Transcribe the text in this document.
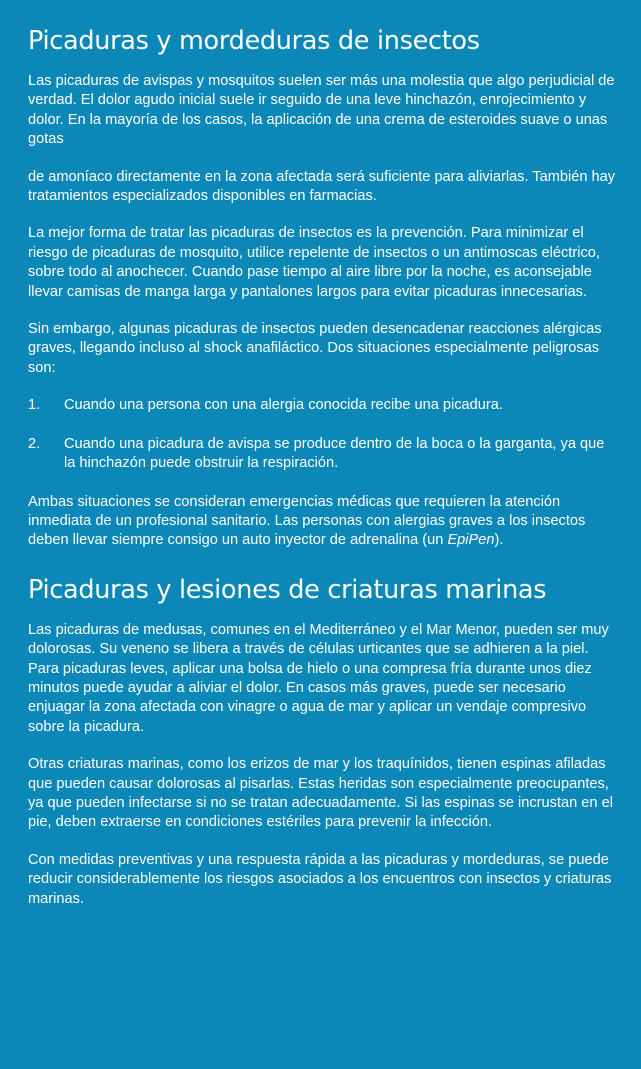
Picaduras y mordeduras de insectos

Las picaduras de avispas y mosquitos suelen ser más una molestia que algo perjudicial de verdad. El dolor agudo inicial suele ir seguido de una leve hinchazón, enrojecimiento y dolor. En la mayoría de los casos, la aplicación de una crema de esteroides suave o unas gotas

de amoníaco directamente en la zona afectada será suficiente para aliviarlas. También hay tratamientos especializados disponibles en farmacias.

La mejor forma de tratar las picaduras de insectos es la prevención. Para minimizar el riesgo de picaduras de mosquito, utilice repelente de insectos o un antimoscas eléctrico, sobre todo al anochecer. Cuando pase tiempo al aire libre por la noche, es aconsejable llevar camisas de manga larga y pantalones largos para evitar picaduras innecesarias.

Sin embargo, algunas picaduras de insectos pueden desencadenar reacciones alérgicas graves, llegando incluso al shock anafiláctico. Dos situaciones especialmente peligrosas son:

1.	Cuando una persona con una alergia conocida recibe una picadura.
2.	Cuando una picadura de avispa se produce dentro de la boca o la garganta, ya que la hinchazón puede obstruir la respiración.

Ambas situaciones se consideran emergencias médicas que requieren la atención inmediata de un profesional sanitario. Las personas con alergias graves a los insectos deben llevar siempre consigo un auto inyector de adrenalina (un EpiPen).

Picaduras y lesiones de criaturas marinas

Las picaduras de medusas, comunes en el Mediterráneo y el Mar Menor, pueden ser muy dolorosas. Su veneno se libera a través de células urticantes que se adhieren a la piel. Para picaduras leves, aplicar una bolsa de hielo o una compresa fría durante unos diez minutos puede ayudar a aliviar el dolor. En casos más graves, puede ser necesario enjuagar la zona afectada con vinagre o agua de mar y aplicar un vendaje compresivo sobre la picadura.

Otras criaturas marinas, como los erizos de mar y los traquínidos, tienen espinas afiladas que pueden causar dolorosas al pisarlas. Estas heridas son especialmente preocupantes, ya que pueden infectarse si no se tratan adecuadamente. Si las espinas se incrustan en el pie, deben extraerse en condiciones estériles para prevenir la infección.

Con medidas preventivas y una respuesta rápida a las picaduras y mordeduras, se puede reducir considerablemente los riesgos asociados a los encuentros con insectos y criaturas marinas.
